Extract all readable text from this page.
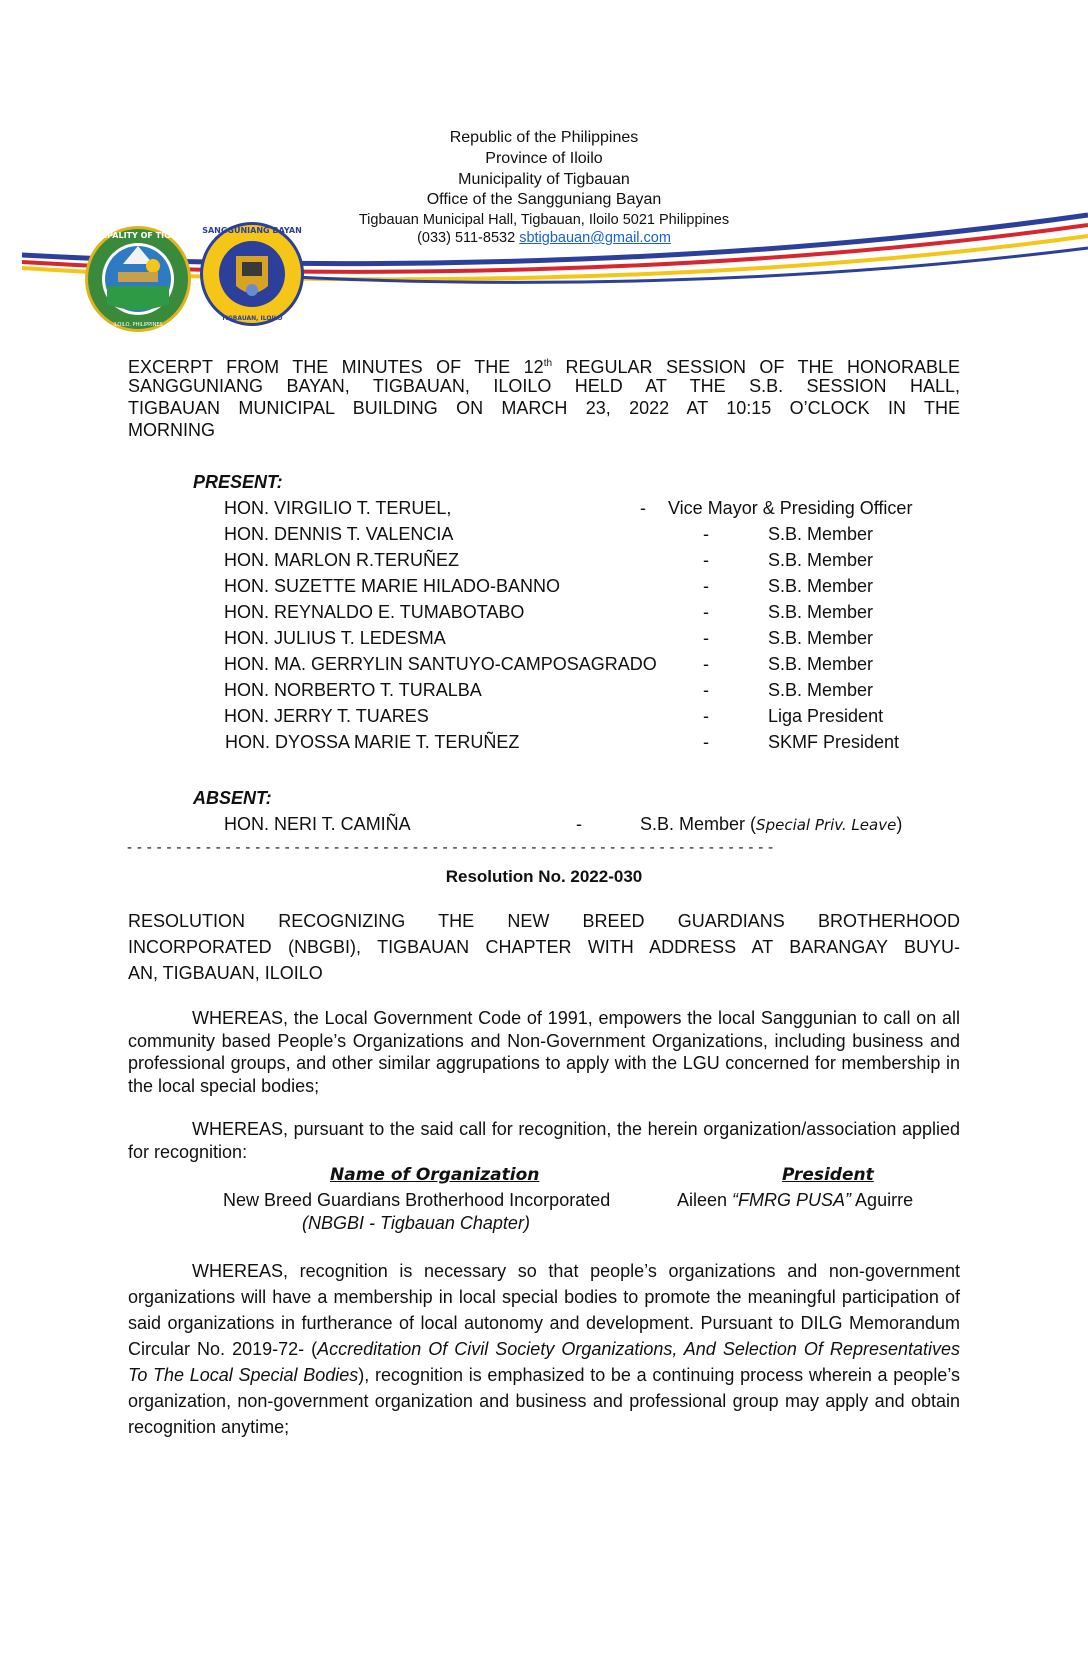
MUNICIPALITY OF TIGBAUAN
ILOILO, PHILIPPINES
SANGGUNIANG BAYAN
TIGBAUAN, ILOILO
Republic of the Philippines
Province of Iloilo
Municipality of Tigbauan
Office of the Sangguniang Bayan
Tigbauan Municipal Hall, Tigbauan, Iloilo 5021 Philippines
(033) 511-8532 sbtigbauan@gmail.com
EXCERPT FROM THE MINUTES OF THE 12th REGULAR SESSION OF THE HONORABLE
SANGGUNIANG BAYAN, TIGBAUAN, ILOILO HELD AT THE S.B. SESSION HALL,
TIGBAUAN MUNICIPAL BUILDING ON MARCH 23, 2022 AT 10:15 O’CLOCK IN THE
MORNING
PRESENT:
HON. VIRGILIO T. TERUEL,	- Vice Mayor & Presiding Officer
HON. DENNIS T. VALENCIA	-	S.B. Member
HON. MARLON R.TERUÑEZ	-	S.B. Member
HON. SUZETTE MARIE HILADO-BANNO	-	S.B. Member
HON. REYNALDO E. TUMABOTABO	-	S.B. Member
HON. JULIUS T. LEDESMA	-	S.B. Member
HON. MA. GERRYLIN SANTUYO-CAMPOSAGRADO	-	S.B. Member
HON. NORBERTO T. TURALBA	-	S.B. Member
HON. JERRY T. TUARES	-	Liga President
HON. DYOSSA MARIE T. TERUÑEZ	-	SKMF President
ABSENT:
HON. NERI T. CAMIÑA	-	S.B. Member (Special Priv. Leave)
- - - - - - - - - - - - - - - - - - - - - - - - - - - - - - - - - - - - - - - - - - - - - - - - - - - - - - - - - - - - - - - - - -
Resolution No. 2022-030
RESOLUTION RECOGNIZING THE NEW BREED GUARDIANS BROTHERHOOD
INCORPORATED (NBGBI), TIGBAUAN CHAPTER WITH ADDRESS AT BARANGAY BUYU-
AN, TIGBAUAN, ILOILO
WHEREAS, the Local Government Code of 1991, empowers the local Sanggunian to call on all community based People’s Organizations and Non-Government Organizations, including business and professional groups, and other similar aggrupations to apply with the LGU concerned for membership in the local special bodies;
WHEREAS, pursuant to the said call for recognition, the herein organization/association applied for recognition:
Name of Organization	President
New Breed Guardians Brotherhood Incorporated	Aileen “FMRG PUSA” Aguirre
(NBGBI - Tigbauan Chapter)
WHEREAS, recognition is necessary so that people’s organizations and non-government organizations will have a membership in local special bodies to promote the meaningful participation of said organizations in furtherance of local autonomy and development. Pursuant to DILG Memorandum Circular No. 2019-72- (Accreditation Of Civil Society Organizations, And Selection Of Representatives To The Local Special Bodies), recognition is emphasized to be a continuing process wherein a people’s organization, non-government organization and business and professional group may apply and obtain recognition anytime;
